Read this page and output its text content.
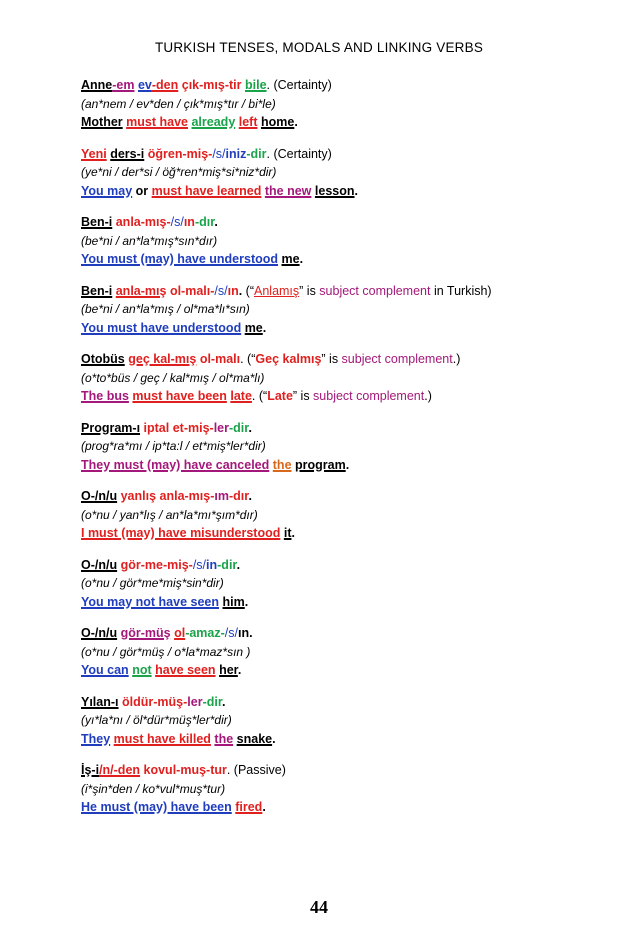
TURKISH TENSES, MODALS AND LINKING VERBS
Anne-em ev-den çık-mış-tir bile. (Certainty)
(an*nem / ev*den / çık*mış*tır / bi*le)
Mother must have already left home.
Yeni ders-i öğren-miş-/s/iniz-dir. (Certainty)
(ye*ni / der*si / öğ*ren*miş*si*niz*dir)
You may or must have learned the new lesson.
Ben-i anla-mış-/s/ın-dır.
(be*ni / an*la*mış*sın*dır)
You must (may) have understood me.
Ben-i anla-mış ol-malı-/s/ın. (“Anlamış” is subject complement in Turkish)
(be*ni / an*la*mış / ol*ma*lı*sın)
You must have understood me.
Otobüs geç kal-mış ol-malı. (“Geç kalmış” is subject complement.)
(o*to*büs / geç / kal*mış / ol*ma*lı)
The bus must have been late. (“Late” is subject complement.)
Program-ı iptal et-miş-ler-dir.
(prog*ra*mı / ip*ta:l / et*miş*ler*dir)
They must (may) have canceled the program.
O-/n/u yanlış anla-mış-ım-dır.
(o*nu / yan*lış / an*la*mı*şım*dır)
I must (may) have misunderstood it.
O-/n/u gör-me-miş-/s/in-dir.
(o*nu / gör*me*miş*sin*dir)
You may not have seen him.
O-/n/u gör-müş ol-amaz-/s/ın.
(o*nu / gör*müş / o*la*maz*sın )
You can not have seen her.
Yılan-ı öldür-müş-ler-dir.
(yı*la*nı / öl*dür*müş*ler*dir)
They must have killed the snake.
İş-i/n/-den kovul-muş-tur. (Passive)
(i*şin*den / ko*vul*muş*tur)
He must (may) have been fired.
44
